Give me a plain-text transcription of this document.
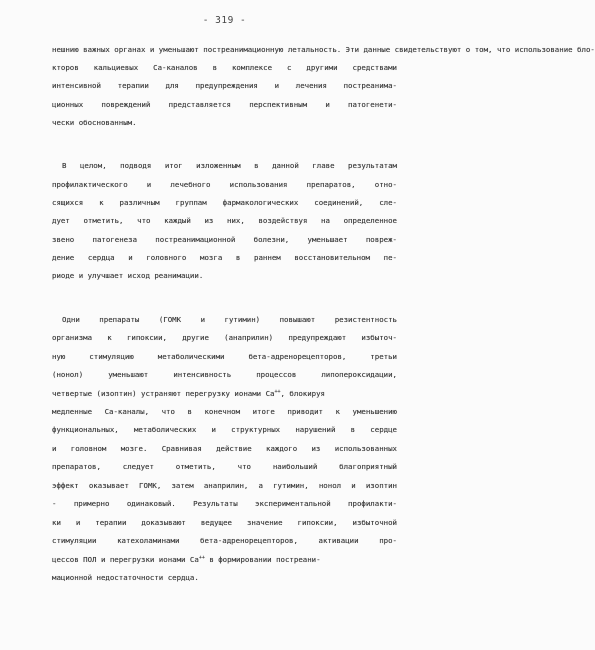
- 319 -
нешнию важных органах и уменьшают постреанимационную летальность. Эти данные свидетельствуют о том, что использование бло-
кторов кальциевых Са-каналов в комплексе с другими средствами
интенсивной терапии для предупреждения и лечения постреанима-
ционных повреждений представляется перспективным и патогенети-
чески обоснованным.
В целом, подводя итог изложенным в данной главе результатам
профилактического и лечебного использования препаратов, отно-
сящихся к различным группам фармакологических соединений, сле-
дует отметить, что каждый из них, воздействуя на определенное
звено патогенеза постреанимационной болезни, уменьшает повреж-
дение сердца и головного мозга в раннем восстановительном пе-
риоде и улучшает исход реанимации.
Одни препараты (ГОМК и гутимин) повышают резистентность
организма к гипоксии, другие (анаприлин) предупреждают избыточ-
ную стимуляцию метаболическими бета-адренорецепторов, третьи
(нонол) уменьшают интенсивность процессов липопероксидации,
четвертые (изоптин) устраняют перегрузку ионами Ca++, блокируя
медленные Са-каналы, что в конечном итоге приводит к уменьшению
функциональных, метаболических и структурных нарушений в сердце
и головном мозге. Сравнивая действие каждого из использованных
препаратов, следует отметить, что наибольший благоприятный
эффект оказывает ГОМК, затем анаприлин, а гутимин, нонол и изоптин
- примерно одинаковый. Результаты экспериментальной профилакти-
ки и терапии доказывают ведущее значение гипоксии, избыточной
стимуляции катехоламинами бета-адренорецепторов, активации про-
цессов ПОЛ и перегрузки ионами Ca++ в формировании постреани-
мационной недостаточности сердца.
